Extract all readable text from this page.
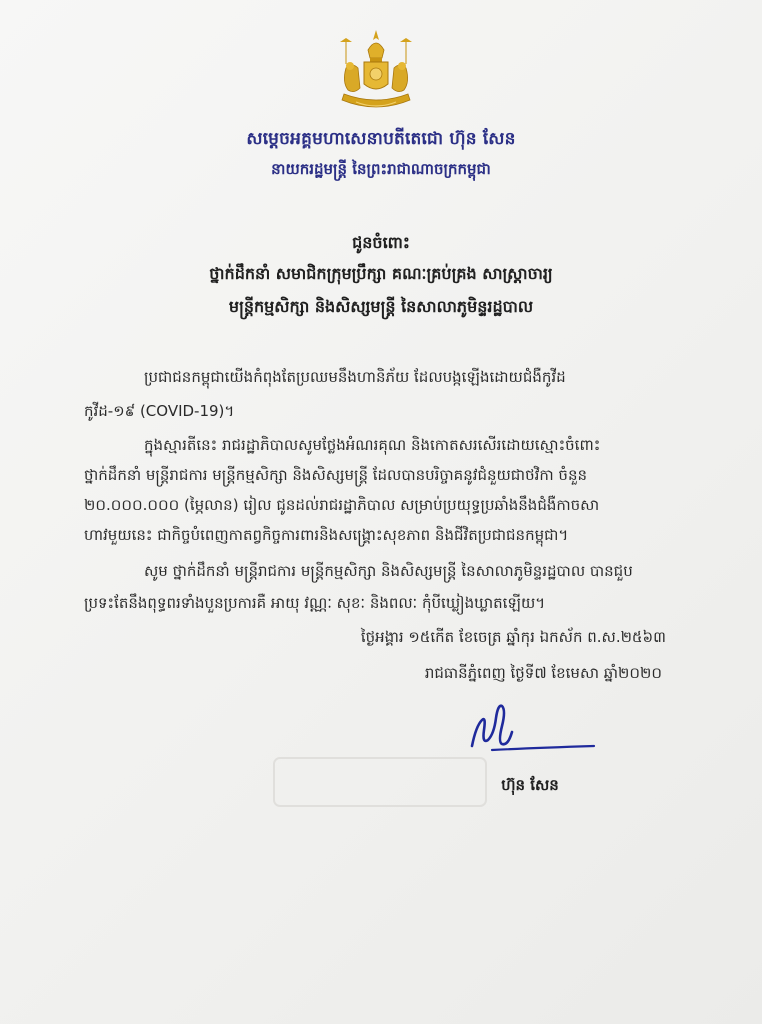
សម្តេចអគ្គមហាសេនាបតីតេជោ ហ៊ុន សែន
នាយករដ្ឋមន្ត្រី នៃព្រះរាជាណាចក្រកម្ពុជា
ជូនចំពោះ
ថ្នាក់ដឹកនាំ សមាជិកក្រុមប្រឹក្សា គណៈគ្រប់គ្រង សាស្ត្រាចារ្យ
មន្ត្រីកម្មសិក្សា និងសិស្សមន្ត្រី នៃសាលាភូមិន្ទរដ្ឋបាល
ប្រជាជនកម្ពុជាយើងកំពុងតែប្រឈមនឹងហានិភ័យ ដែលបង្កឡើងដោយជំងឺកូវីដ
កូវីដ-១៩ (COVID-19)។
ក្នុងស្មារតីនេះ រាជរដ្ឋាភិបាលសូមថ្លែងអំណរគុណ និងកោតសរសើរដោយស្មោះចំពោះ
ថ្នាក់ដឹកនាំ មន្ត្រីរាជការ មន្ត្រីកម្មសិក្សា និងសិស្សមន្ត្រី ដែលបានបរិច្ចាគនូវជំនួយជាថវិកា ចំនួន
២០.០០០.០០០ (ម្ភៃលាន) រៀល ជូនដល់រាជរដ្ឋាភិបាល សម្រាប់ប្រយុទ្ធប្រឆាំងនឹងជំងឺកាចសា
ហាវមួយនេះ ជាកិច្ចបំពេញកាតព្វកិច្ចការពារនិងសង្គ្រោះសុខភាព និងជីវិតប្រជាជនកម្ពុជា។
សូម ថ្នាក់ដឹកនាំ មន្ត្រីរាជការ មន្ត្រីកម្មសិក្សា និងសិស្សមន្ត្រី នៃសាលាភូមិន្ទរដ្ឋបាល បានជួប
ប្រទះតែនឹងពុទ្ធពរទាំងបួនប្រការគឺ អាយុ វណ្ណៈ សុខៈ និងពលៈ កុំបីឃ្លៀងឃ្លាតឡើយ។
ថ្ងៃអង្គារ ១៥កើត ខែចេត្រ ឆ្នាំកុរ ឯកស័ក ព.ស.២៥៦៣
រាជធានីភ្នំពេញ ថ្ងៃទី៧ ខែមេសា ឆ្នាំ២០២០
ហ៊ុន សែន
